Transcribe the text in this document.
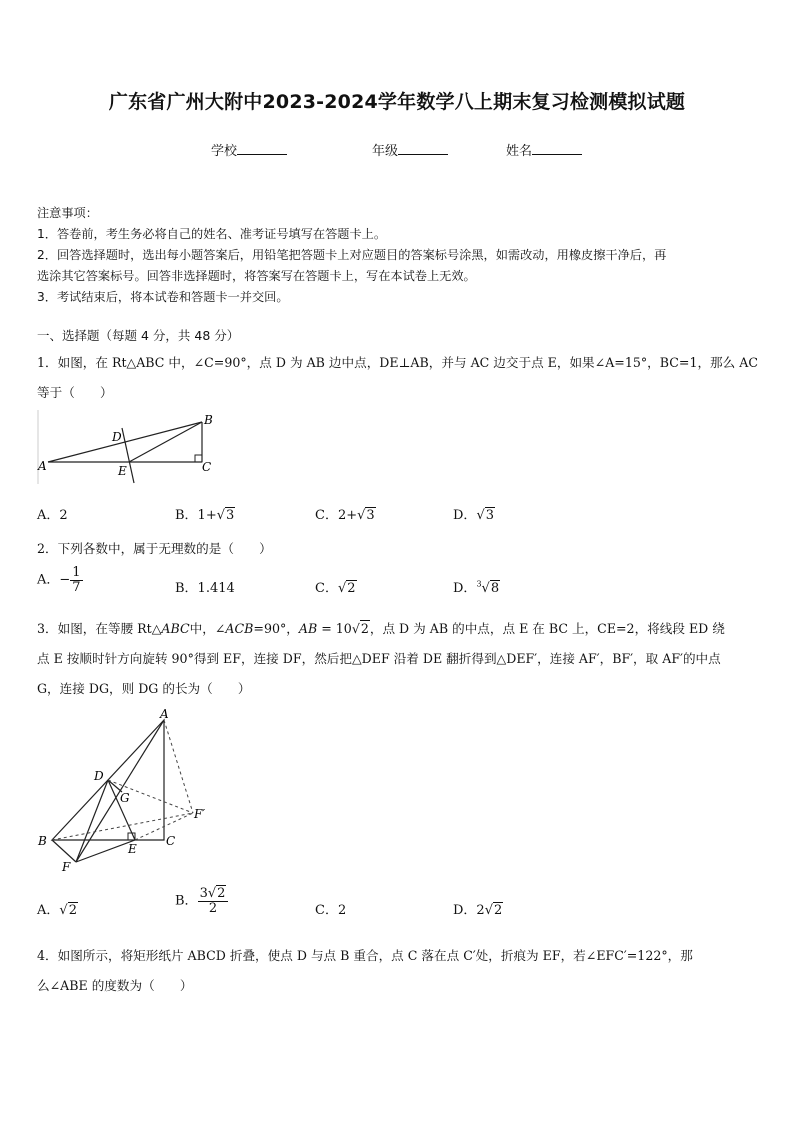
广东省广州大附中2023-2024学年数学八上期末复习检测模拟试题
学校	年级	姓名
注意事项：
1．答卷前，考生务必将自己的姓名、准考证号填写在答题卡上。
2．回答选择题时，选出每小题答案后，用铅笔把答题卡上对应题目的答案标号涂黑，如需改动，用橡皮擦干净后，再
选涂其它答案标号。回答非选择题时，将答案写在答题卡上，写在本试卷上无效。
3．考试结束后，将本试卷和答题卡一并交回。
一、选择题（每题 4 分，共 48 分）
1．如图，在 Rt△ABC 中，∠C=90°，点 D 为 AB 边中点，DE⊥AB，并与 AC 边交于点 E，如果∠A=15°，BC=1，那么 AC
等于（　　）
A
B
C
D
E
A．2	B．1+√3	C．2+√3	D．√3
2．下列各数中，属于无理数的是（　　）
A．− $\frac{1}{7}$	B．1.414	C．√2	D．$^3$√8
3．如图，在等腰 Rt△ABC中，∠ACB=90°，AB = 10√2，点 D 为 AB 的中点，点 E 在 BC 上，CE=2，将线段 ED 绕
点 E 按顺时针方向旋转 90°得到 EF，连接 DF，然后把△DEF 沿着 DE 翻折得到△DEF′，连接 AF′，BF′，取 AF′的中点
G，连接 DG，则 DG 的长为（　　）
A
B	C
D
E
F
F′
G
A．√2
B． $\frac{3√2}{2}$	C．2	D．2√2
4．如图所示，将矩形纸片 ABCD 折叠，使点 D 与点 B 重合，点 C 落在点 C′处，折痕为 EF，若∠EFC′=122°，那
么∠ABE 的度数为（　　）
